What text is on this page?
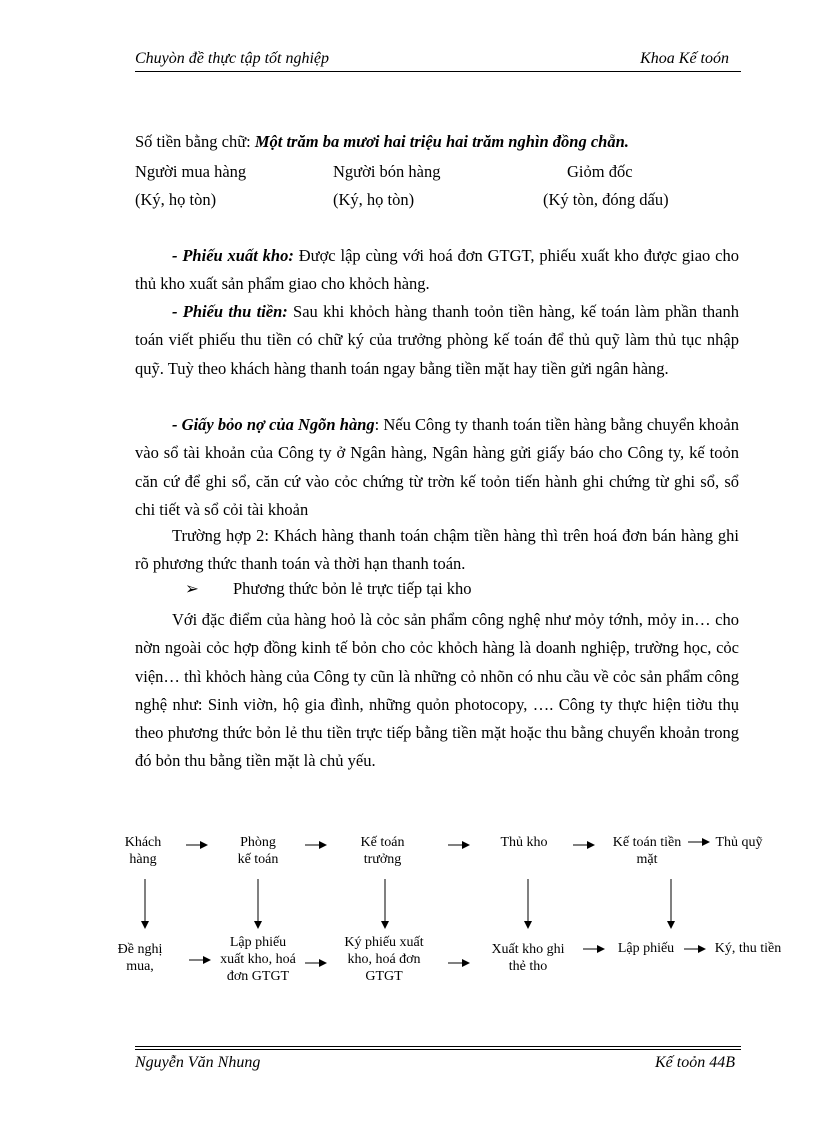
Chuyòn đề thực tập tốt nghiệp	Khoa Kế toón
Số tiền bằng chữ: Một trăm ba mươi hai triệu hai trăm nghìn đồng chẵn.
Người mua hàng	Người bón hàng	Giỏm đốc
(Ký, họ tòn)	(Ký, họ tòn)	(Ký tòn, đóng dấu)

- Phiếu xuất kho: Được lập cùng với hoá đơn GTGT, phiếu xuất kho được giao cho thủ kho xuất sản phẩm giao cho khỏch hàng.

- Phiếu thu tiền: Sau khi khỏch hàng thanh toỏn tiền hàng, kế toán làm phần thanh toán viết phiếu thu tiền có chữ ký của trưởng phòng kế toán để thủ quỹ làm thủ tục nhập quỹ. Tuỳ theo khách hàng thanh toán ngay bằng tiền mặt hay tiền gửi ngân hàng.

- Giấy bỏo nợ của Ngõn hàng: Nếu Công ty thanh toán tiền hàng bằng chuyển khoản vào sổ tài khoản của Công ty ở Ngân hàng, Ngân hàng gửi giấy báo cho Công ty, kế toỏn căn cứ để ghi sổ, căn cứ vào cỏc chứng từ trờn kế toỏn tiến hành ghi chứng từ ghi sổ, sổ chi tiết và sổ cỏi tài khoản

Trường hợp 2: Khách hàng thanh toán chậm tiền hàng thì trên hoá đơn bán hàng ghi rõ phương thức thanh toán và thời hạn thanh toán.

➢ Phương thức bỏn lẻ trực tiếp tại kho

Với đặc điểm của hàng hoỏ là cỏc sản phẩm công nghệ như mỏy tớnh, mỏy in… cho nờn ngoài cỏc hợp đồng kinh tế bỏn cho cỏc khỏch hàng là doanh nghiệp, trường học, cỏc viện… thì khỏch hàng của Công ty cũn là những cỏ nhõn có nhu cầu về cỏc sản phẩm công nghệ như: Sinh viờn, hộ gia đình, những quỏn photocopy, …. Công ty thực hiện tiờu thụ theo phương thức bỏn lẻ thu tiền trực tiếp bằng tiền mặt hoặc thu bằng chuyển khoản trong đó bỏn thu bằng tiền mặt là chủ yếu.

Khách
hàng
Phòng
kế toán
Kế toán
trưởng
Thủ kho	Kế toán tiền
mặt
Thủ quỹ
Đề nghị
mua,
Lập phiếu
xuất kho, hoá
đơn GTGT
Ký phiếu xuất
kho, hoá đơn
GTGT
Xuất kho ghi
thẻ tho
Lập phiếu	Ký, thu tiền
Nguyễn Văn Nhung	Kế toỏn 44B
